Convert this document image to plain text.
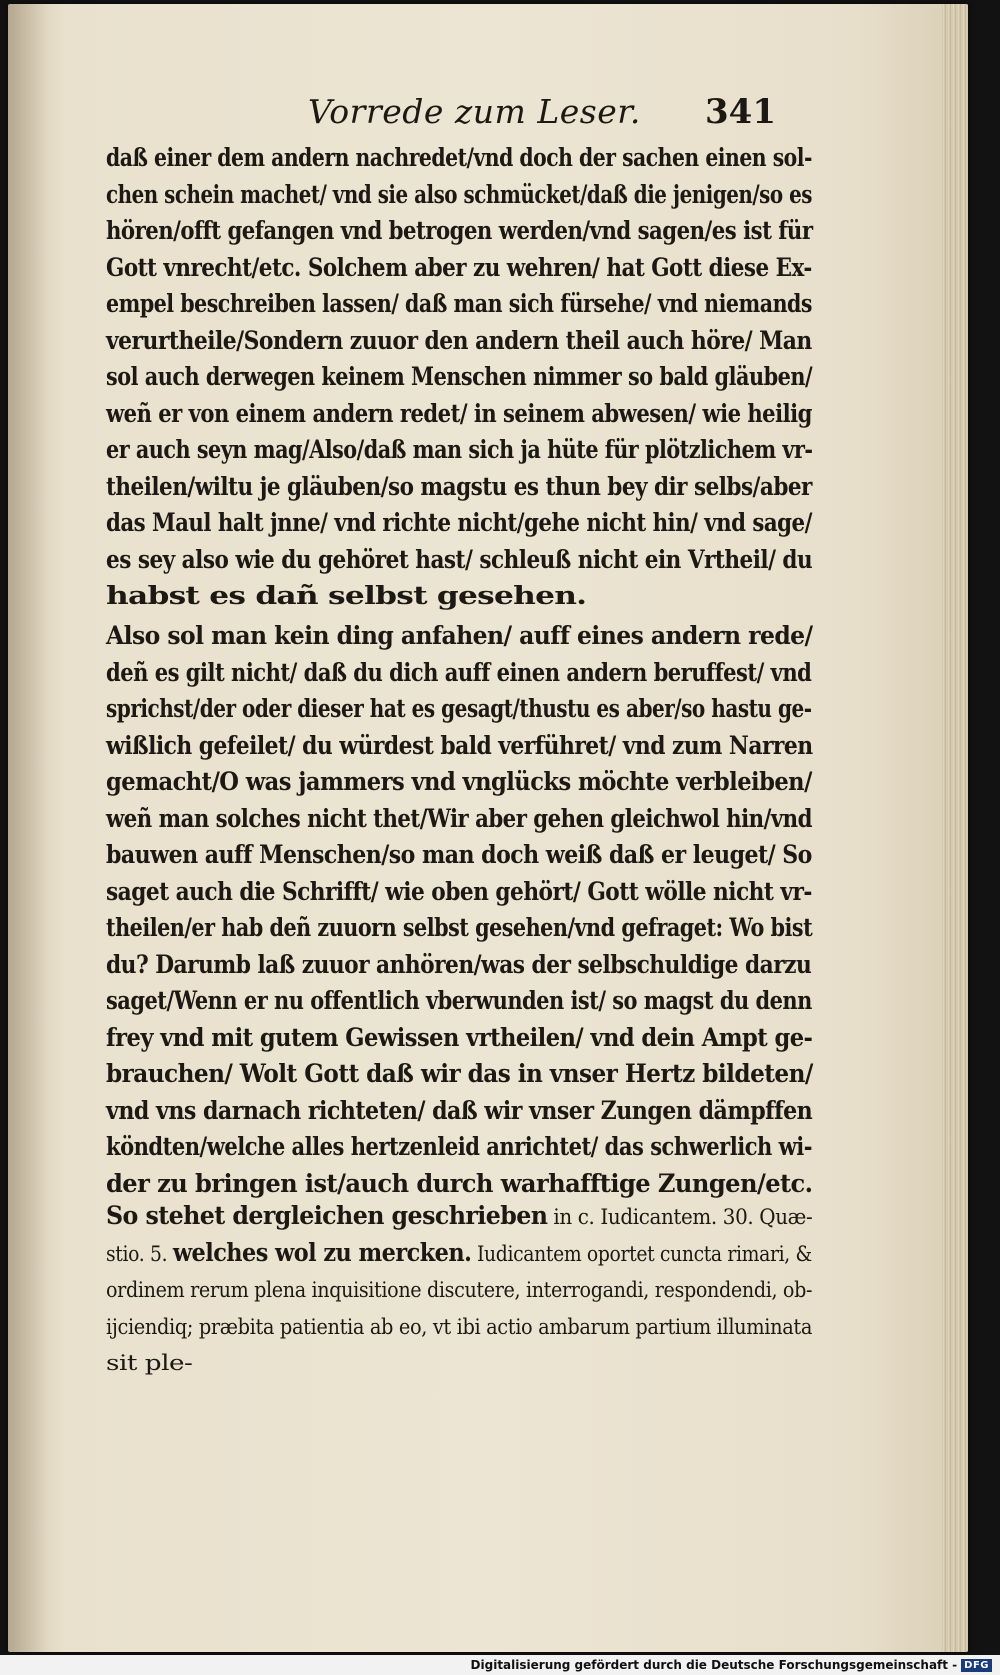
Vorrede zum Leser. 341
daß einer dem andern nachredet/vnd doch der sachen einen sol-
chen schein machet/ vnd sie also schmücket/daß die jenigen/so es
hören/offt gefangen vnd betrogen werden/vnd sagen/es ist für
Gott vnrecht/etc. Solchem aber zu wehren/ hat Gott diese Ex-
empel beschreiben lassen/ daß man sich fürsehe/ vnd niemands
verurtheile/Sondern zuuor den andern theil auch höre/ Man
sol auch derwegen keinem Menschen nimmer so bald gläuben/
weñ er von einem andern redet/ in seinem abwesen/ wie heilig
er auch seyn mag/Also/daß man sich ja hüte für plötzlichem vr-
theilen/wiltu je gläuben/so magstu es thun bey dir selbs/aber
das Maul halt jnne/ vnd richte nicht/gehe nicht hin/ vnd sage/
es sey also wie du gehöret hast/ schleuß nicht ein Vrtheil/ du
habst es dañ selbst gesehen.
Also sol man kein ding anfahen/ auff eines andern rede/
deñ es gilt nicht/ daß du dich auff einen andern beruffest/ vnd
sprichst/der oder dieser hat es gesagt/thustu es aber/so hastu ge-
wißlich gefeilet/ du würdest bald verführet/ vnd zum Narren
gemacht/O was jammers vnd vnglücks möchte verbleiben/
weñ man solches nicht thet/Wir aber gehen gleichwol hin/vnd
bauwen auff Menschen/so man doch weiß daß er leuget/ So
saget auch die Schrifft/ wie oben gehört/ Gott wölle nicht vr-
theilen/er hab deñ zuuorn selbst gesehen/vnd gefraget: Wo bist
du? Darumb laß zuuor anhören/was der selbschuldige darzu
saget/Wenn er nu offentlich vberwunden ist/ so magst du denn
frey vnd mit gutem Gewissen vrtheilen/ vnd dein Ampt ge-
brauchen/ Wolt Gott daß wir das in vnser Hertz bildeten/
vnd vns darnach richteten/ daß wir vnser Zungen dämpffen
köndten/welche alles hertzenleid anrichtet/ das schwerlich wi-
der zu bringen ist/auch durch warhafftige Zungen/etc.
So stehet dergleichen geschrieben in c. Iudicantem. 30. Quæ-
stio. 5. welches wol zu mercken. Iudicantem oportet cuncta rimari, &
ordinem rerum plena inquisitione discutere, interrogandi, respondendi, ob-
ijciendiq; præbita patientia ab eo, vt ibi actio ambarum partium illuminata
sit ple-
Digitalisierung gefördert durch die Deutsche Forschungsgemeinschaft - DFG
